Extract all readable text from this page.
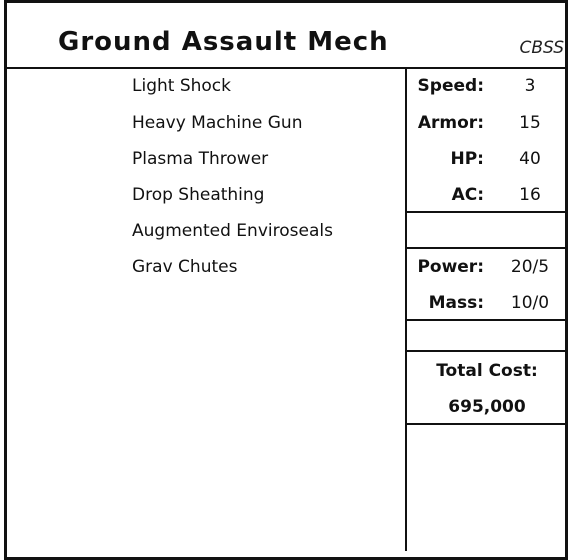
Ground Assault Mech	CBSS
Light Shock
Heavy Machine Gun
Plasma Thrower
Drop Sheathing
Augmented Enviroseals
Grav Chutes
Speed:	3
Armor:	15
HP:	40
AC:	16
Power:	20/5
Mass:	10/0
Total Cost:
695,000
